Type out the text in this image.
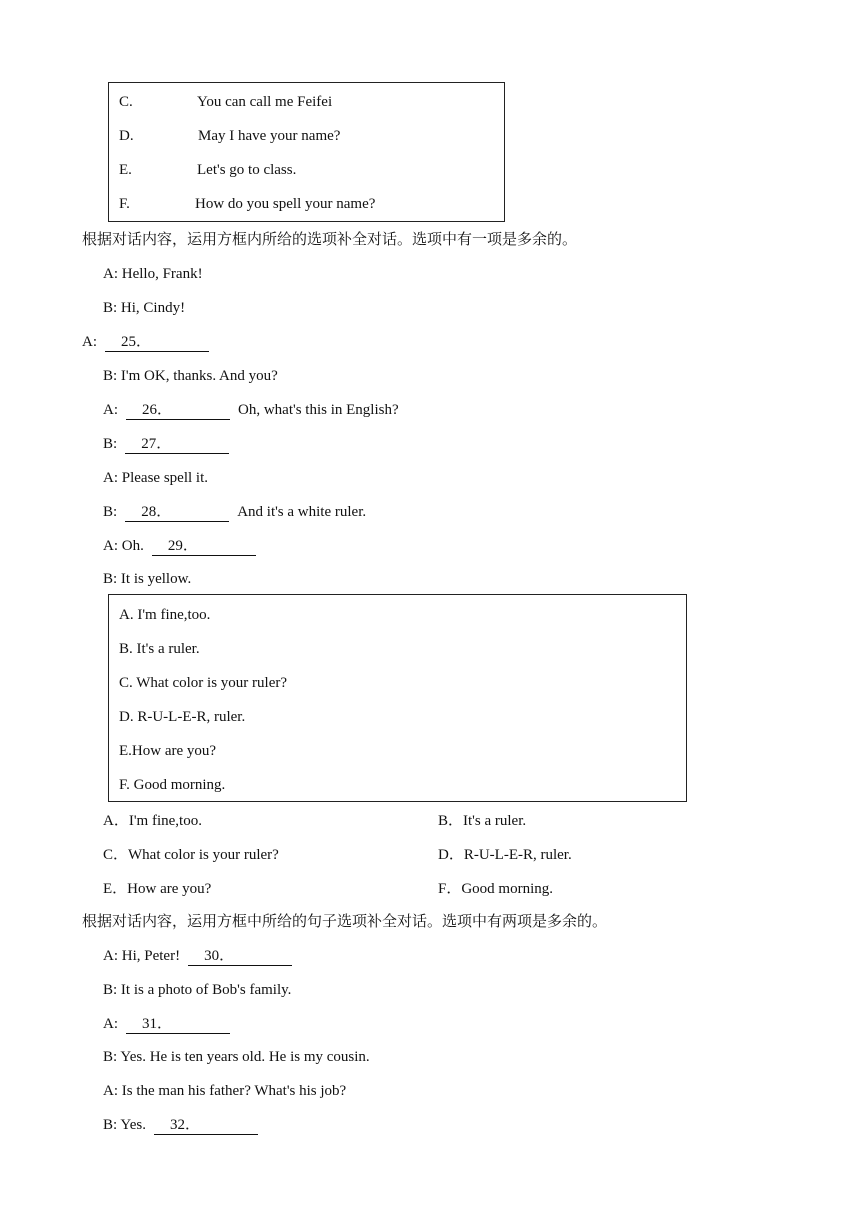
C.	You can call me Feifei
D.	May I have your name?
E.	Let's go to class.
F.	How do you spell your name?
根据对话内容，运用方框内所给的选项补全对话。选项中有一项是多余的。
A: Hello, Frank!
B: Hi, Cindy!
A: 25．
B: I'm OK, thanks. And you?
A: 26．	Oh, what's this in English?
B: 27．
A: Please spell it.
B: 28．	And it's a white ruler.
A: Oh. 29．
B: It is yellow.
A. I'm fine,too.
B. It's a ruler.
C. What color is your ruler?
D. R-U-L-E-R, ruler.
E.How are you?
F. Good morning.
A．I'm fine,too.	B．It's a ruler.
C．What color is your ruler?	D．R-U-L-E-R, ruler.
E．How are you?	F．Good morning.
根据对话内容，运用方框中所给的句子选项补全对话。选项中有两项是多余的。
A: Hi, Peter! 30．
B: It is a photo of Bob's family.
A: 31．
B: Yes. He is ten years old. He is my cousin.
A: Is the man his father? What's his job?
B: Yes. 32．
